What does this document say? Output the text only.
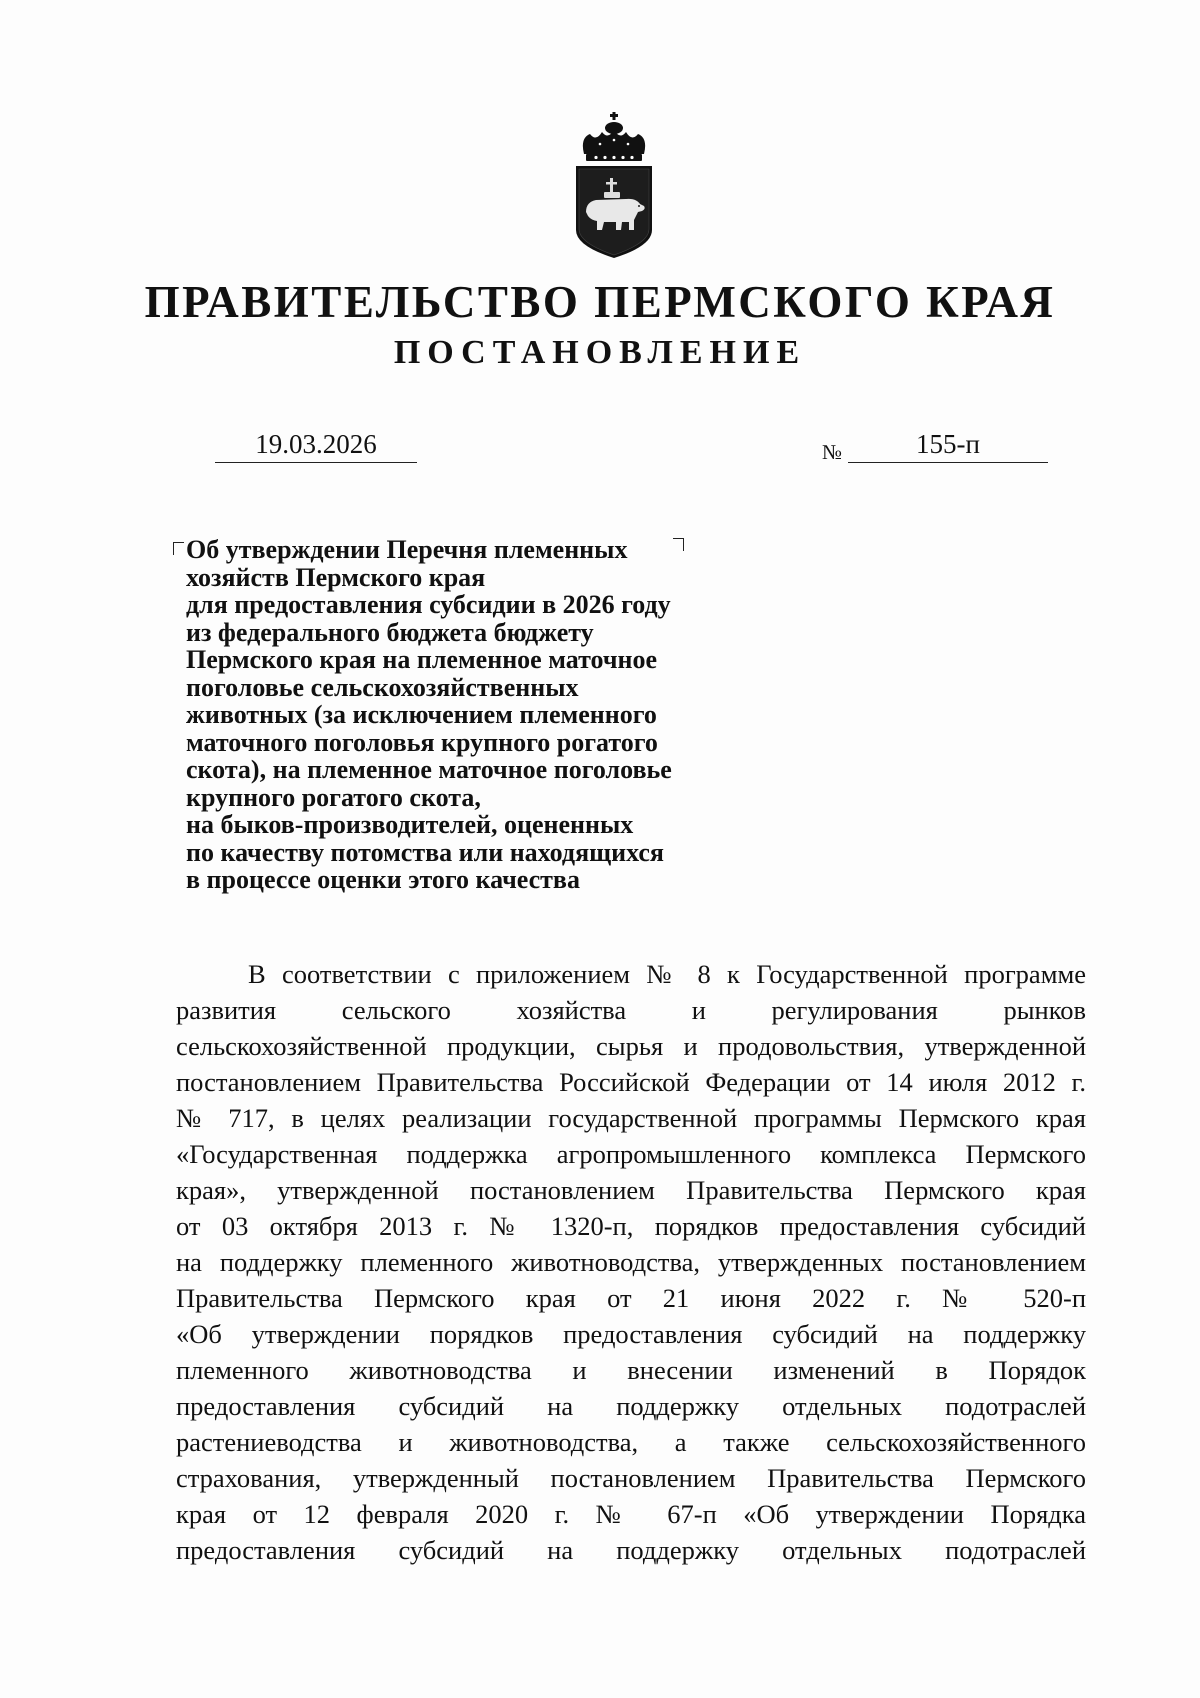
ПРАВИТЕЛЬСТВО ПЕРМСКОГО КРАЯ
ПОСТАНОВЛЕНИЕ
19.03.2026	№	155-п
Об утверждении Перечня племенных
хозяйств Пермского края
для предоставления субсидии в 2026 году
из федерального бюджета бюджету
Пермского края на племенное маточное
поголовье сельскохозяйственных
животных (за исключением племенного
маточного поголовья крупного рогатого
скота), на племенное маточное поголовье
крупного рогатого скота,
на быков-производителей, оцененных
по качеству потомства или находящихся
в процессе оценки этого качества
В соответствии с приложением № 8 к Государственной программе
развития сельского хозяйства и регулирования рынков
сельскохозяйственной продукции, сырья и продовольствия, утвержденной
постановлением Правительства Российской Федерации от 14 июля 2012 г.
№ 717, в целях реализации государственной программы Пермского края
«Государственная поддержка агропромышленного комплекса Пермского
края», утвержденной постановлением Правительства Пермского края
от 03 октября 2013 г. № 1320-п, порядков предоставления субсидий
на поддержку племенного животноводства, утвержденных постановлением
Правительства Пермского края от 21 июня 2022 г. № 520-п
«Об утверждении порядков предоставления субсидий на поддержку
племенного животноводства и внесении изменений в Порядок
предоставления субсидий на поддержку отдельных подотраслей
растениеводства и животноводства, а также сельскохозяйственного
страхования, утвержденный постановлением Правительства Пермского
края от 12 февраля 2020 г. № 67-п «Об утверждении Порядка
предоставления субсидий на поддержку отдельных подотраслей
